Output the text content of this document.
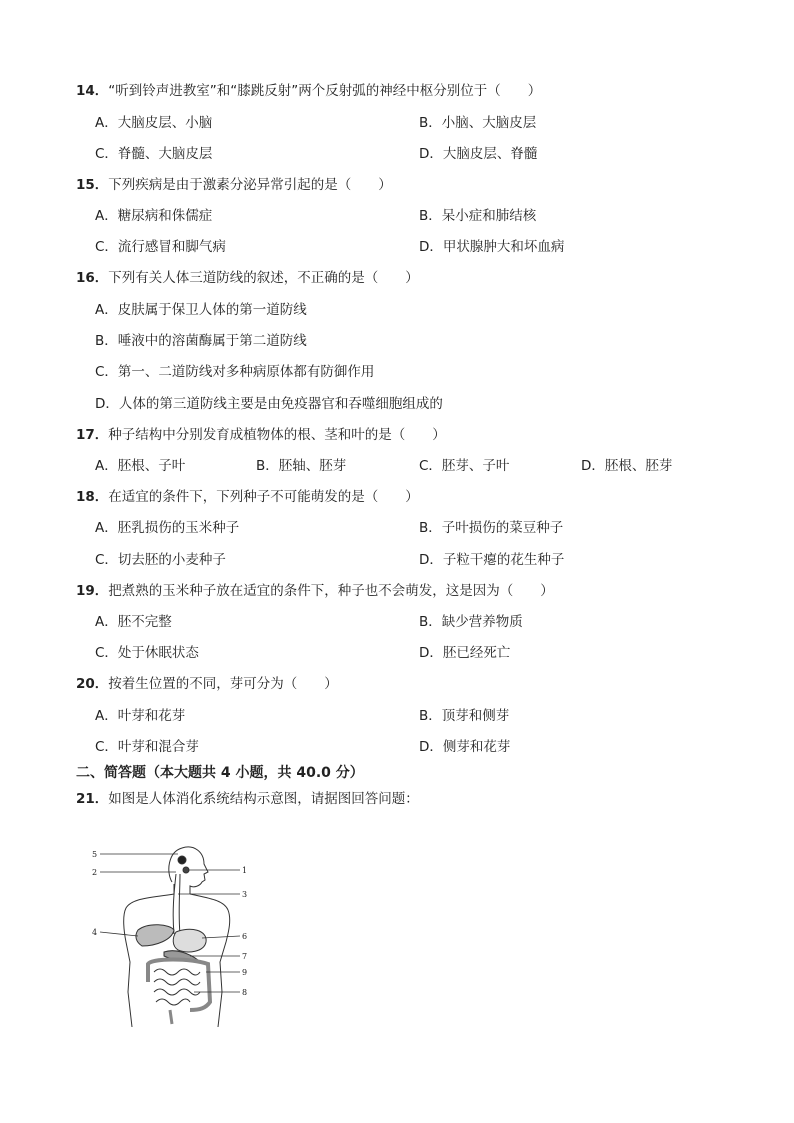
14．“听到铃声进教室”和“膝跳反射”两个反射弧的神经中枢分别位于（　　）
A．大脑皮层、小脑	B．小脑、大脑皮层
C．脊髓、大脑皮层	D．大脑皮层、脊髓
15．下列疾病是由于激素分泌异常引起的是（　　）
A．糖尿病和侏儒症	B．呆小症和肺结核
C．流行感冒和脚气病	D．甲状腺肿大和坏血病
16．下列有关人体三道防线的叙述，不正确的是（　　）
A．皮肤属于保卫人体的第一道防线
B．唾液中的溶菌酶属于第二道防线
C．第一、二道防线对多种病原体都有防御作用
D．人体的第三道防线主要是由免疫器官和吞噬细胞组成的
17．种子结构中分别发育成植物体的根、茎和叶的是（　　）
A．胚根、子叶	B．胚轴、胚芽	C．胚芽、子叶	D．胚根、胚芽
18．在适宜的条件下，下列种子不可能萌发的是（　　）
A．胚乳损伤的玉米种子	B．子叶损伤的菜豆种子
C．切去胚的小麦种子	D．子粒干瘪的花生种子
19．把煮熟的玉米种子放在适宜的条件下，种子也不会萌发，这是因为（　　）
A．胚不完整	B．缺少营养物质
C．处于休眠状态	D．胚已经死亡
20．按着生位置的不同，芽可分为（　　）
A．叶芽和花芽	B．顶芽和侧芽
C．叶芽和混合芽	D．侧芽和花芽
二、简答题（本大题共 4 小题，共 40.0 分）
21．如图是人体消化系统结构示意图，请据图回答问题：
5
2	1
3
4	6
7
9
8
